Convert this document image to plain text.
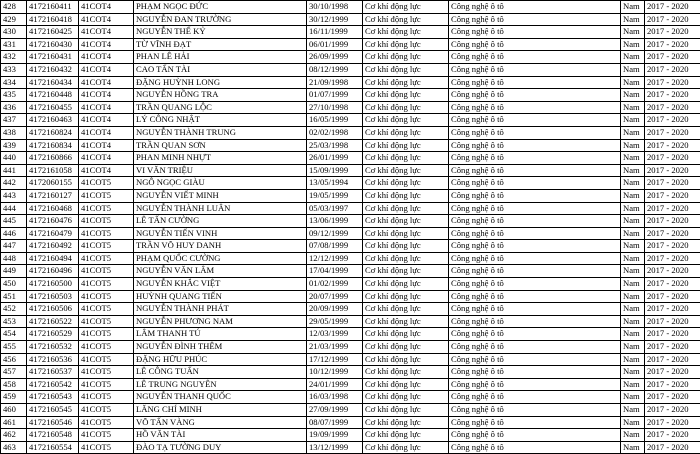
428	4172160411	41COT4	PHẠM NGỌC ĐỨC	30/10/1998	Cơ khí động lực	Công nghệ ô tô	Nam	2017 - 2020
429	4172160418	41COT4	NGUYỄN ĐAN TRƯỜNG	30/12/1999	Cơ khí động lực	Công nghệ ô tô	Nam	2017 - 2020
430	4172160425	41COT4	NGUYỄN THẾ KỶ	16/11/1999	Cơ khí động lực	Công nghệ ô tô	Nam	2017 - 2020
431	4172160430	41COT4	TỪ VĨNH ĐẠT	06/01/1999	Cơ khí động lực	Công nghệ ô tô	Nam	2017 - 2020
432	4172160431	41COT4	PHAN LÊ HẢI	26/09/1999	Cơ khí động lực	Công nghệ ô tô	Nam	2017 - 2020
433	4172160432	41COT4	CAO TẤN TÀI	08/12/1999	Cơ khí động lực	Công nghệ ô tô	Nam	2017 - 2020
434	4172160434	41COT4	ĐẶNG HUỲNH LONG	21/09/1998	Cơ khí động lực	Công nghệ ô tô	Nam	2017 - 2020
435	4172160448	41COT4	NGUYỄN HỒNG TRA	01/07/1999	Cơ khí động lực	Công nghệ ô tô	Nam	2017 - 2020
436	4172160455	41COT4	TRẦN QUANG LỘC	27/10/1998	Cơ khí động lực	Công nghệ ô tô	Nam	2017 - 2020
437	4172160463	41COT4	LÝ CÔNG NHẬT	16/05/1999	Cơ khí động lực	Công nghệ ô tô	Nam	2017 - 2020
438	4172160824	41COT4	NGUYỄN THÀNH TRUNG	02/02/1998	Cơ khí động lực	Công nghệ ô tô	Nam	2017 - 2020
439	4172160834	41COT4	TRẦN QUAN SƠN	25/03/1998	Cơ khí động lực	Công nghệ ô tô	Nam	2017 - 2020
440	4172160866	41COT4	PHAN MINH NHỰT	26/01/1999	Cơ khí động lực	Công nghệ ô tô	Nam	2017 - 2020
441	4172161058	41COT4	VI VĂN TRIỆU	15/09/1999	Cơ khí động lực	Công nghệ ô tô	Nam	2017 - 2020
442	4172060155	41COT5	NGÔ NGỌC GIÀU	13/05/1994	Cơ khí động lực	Công nghệ ô tô	Nam	2017 - 2020
443	4172160127	41COT5	NGUYỄN VIẾT MINH	19/05/1999	Cơ khí động lực	Công nghệ ô tô	Nam	2017 - 2020
444	4172160468	41COT5	NGUYỄN THÀNH LUÂN	05/03/1997	Cơ khí động lực	Công nghệ ô tô	Nam	2017 - 2020
445	4172160476	41COT5	LÊ TẤN CƯỜNG	13/06/1999	Cơ khí động lực	Công nghệ ô tô	Nam	2017 - 2020
446	4172160479	41COT5	NGUYỄN TIẾN VINH	09/12/1999	Cơ khí động lực	Công nghệ ô tô	Nam	2017 - 2020
447	4172160492	41COT5	TRẦN VÕ HUY DANH	07/08/1999	Cơ khí động lực	Công nghệ ô tô	Nam	2017 - 2020
448	4172160494	41COT5	PHẠM QUỐC CƯỜNG	12/12/1999	Cơ khí động lực	Công nghệ ô tô	Nam	2017 - 2020
449	4172160496	41COT5	NGUYỄN VĂN LÂM	17/04/1999	Cơ khí động lực	Công nghệ ô tô	Nam	2017 - 2020
450	4172160500	41COT5	NGUYỄN KHẮC VIỆT	01/02/1999	Cơ khí động lực	Công nghệ ô tô	Nam	2017 - 2020
451	4172160503	41COT5	HUỲNH QUANG TIẾN	20/07/1999	Cơ khí động lực	Công nghệ ô tô	Nam	2017 - 2020
452	4172160506	41COT5	NGUYỄN THÀNH PHÁT	20/09/1999	Cơ khí động lực	Công nghệ ô tô	Nam	2017 - 2020
453	4172160522	41COT5	NGUYỄN PHƯƠNG NAM	29/05/1999	Cơ khí động lực	Công nghệ ô tô	Nam	2017 - 2020
454	4172160529	41COT5	LÂM THANH TÚ	12/03/1999	Cơ khí động lực	Công nghệ ô tô	Nam	2017 - 2020
455	4172160532	41COT5	NGUYỄN ĐÌNH THÊM	21/03/1999	Cơ khí động lực	Công nghệ ô tô	Nam	2017 - 2020
456	4172160536	41COT5	ĐẶNG HỮU PHÚC	17/12/1999	Cơ khí động lực	Công nghệ ô tô	Nam	2017 - 2020
457	4172160537	41COT5	LÊ CÔNG TUẤN	10/12/1999	Cơ khí động lực	Công nghệ ô tô	Nam	2017 - 2020
458	4172160542	41COT5	LÊ TRUNG NGUYÊN	24/01/1999	Cơ khí động lực	Công nghệ ô tô	Nam	2017 - 2020
459	4172160543	41COT5	NGUYỄN THANH QUỐC	16/03/1998	Cơ khí động lực	Công nghệ ô tô	Nam	2017 - 2020
460	4172160545	41COT5	LĂNG CHÍ MINH	27/09/1999	Cơ khí động lực	Công nghệ ô tô	Nam	2017 - 2020
461	4172160546	41COT5	VÕ TẤN VÀNG	08/07/1999	Cơ khí động lực	Công nghệ ô tô	Nam	2017 - 2020
462	4172160548	41COT5	HỒ VĂN TÀI	19/09/1999	Cơ khí động lực	Công nghệ ô tô	Nam	2017 - 2020
463	4172160554	41COT5	ĐÀO TẠ TƯỜNG DUY	13/12/1999	Cơ khí động lực	Công nghệ ô tô	Nam	2017 - 2020
